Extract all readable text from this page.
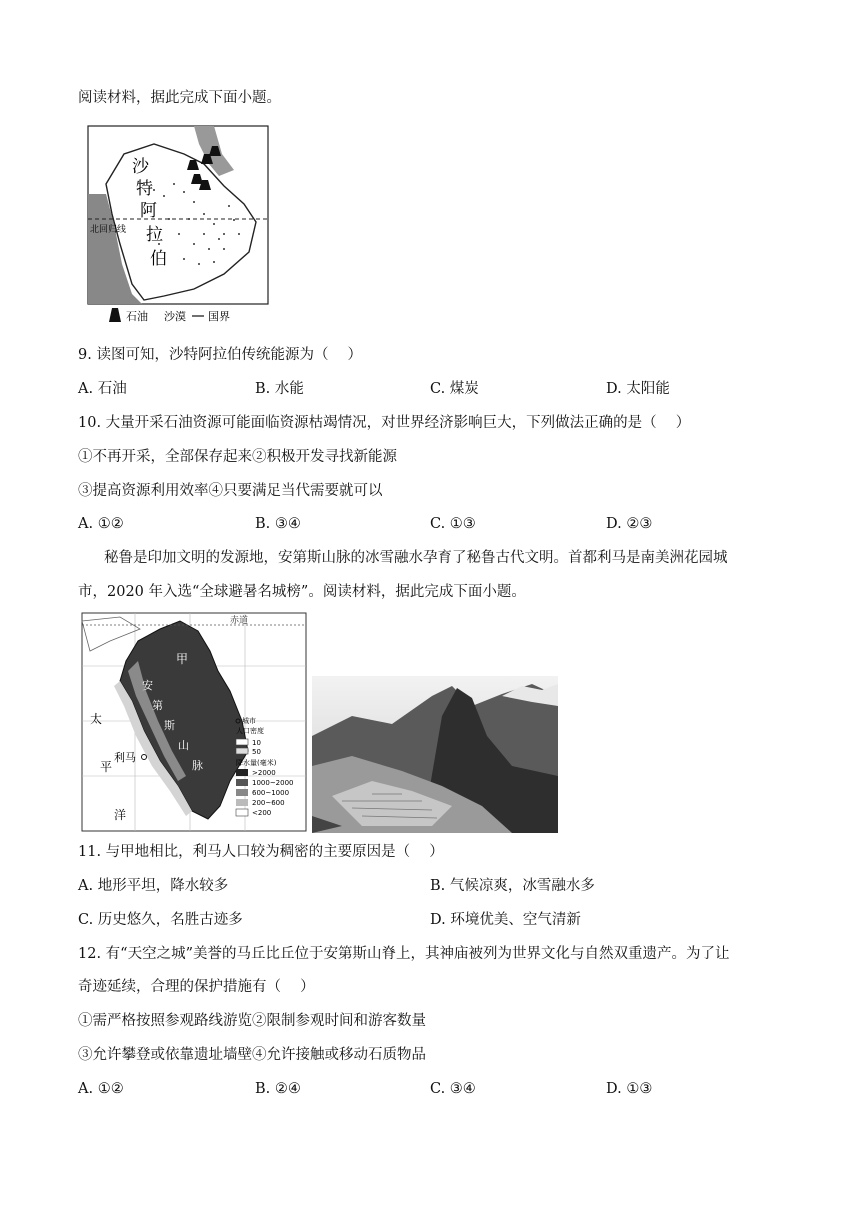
阅读材料，据此完成下面小题。
北回归线
沙
特
阿
拉
伯
石油 沙漠 国界
9. 读图可知，沙特阿拉伯传统能源为（　 ）
A. 石油	B. 水能	C. 煤炭	D. 太阳能
10. 大量开采石油资源可能面临资源枯竭情况，对世界经济影响巨大，下列做法正确的是（　 ）
①不再开采，全部保存起来②积极开发寻找新能源
③提高资源利用效率④只要满足当代需要就可以
A. ①②	B. ③④	C. ①③	D. ②③
秘鲁是印加文明的发源地，安第斯山脉的冰雪融水孕育了秘鲁古代文明。首都利马是南美洲花园城
市，2020 年入选“全球避暑名城榜”。阅读材料，据此完成下面小题。
赤道
甲
安
第
斯
山
脉
太
平
洋
利马
城市
人口密度
10
50
降水量(毫米)
>2000
1000~2000
600~1000
200~600
<200
11. 与甲地相比，利马人口较为稠密的主要原因是（　 ）
A. 地形平坦，降水较多	B. 气候凉爽，冰雪融水多
C. 历史悠久，名胜古迹多	D. 环境优美、空气清新
12. 有“天空之城”美誉的马丘比丘位于安第斯山脊上，其神庙被列为世界文化与自然双重遗产。为了让
奇迹延续，合理的保护措施有（　 ）
①需严格按照参观路线游览②限制参观时间和游客数量
③允许攀登或依靠遗址墙壁④允许接触或移动石质物品
A. ①②	B. ②④	C. ③④	D. ①③
